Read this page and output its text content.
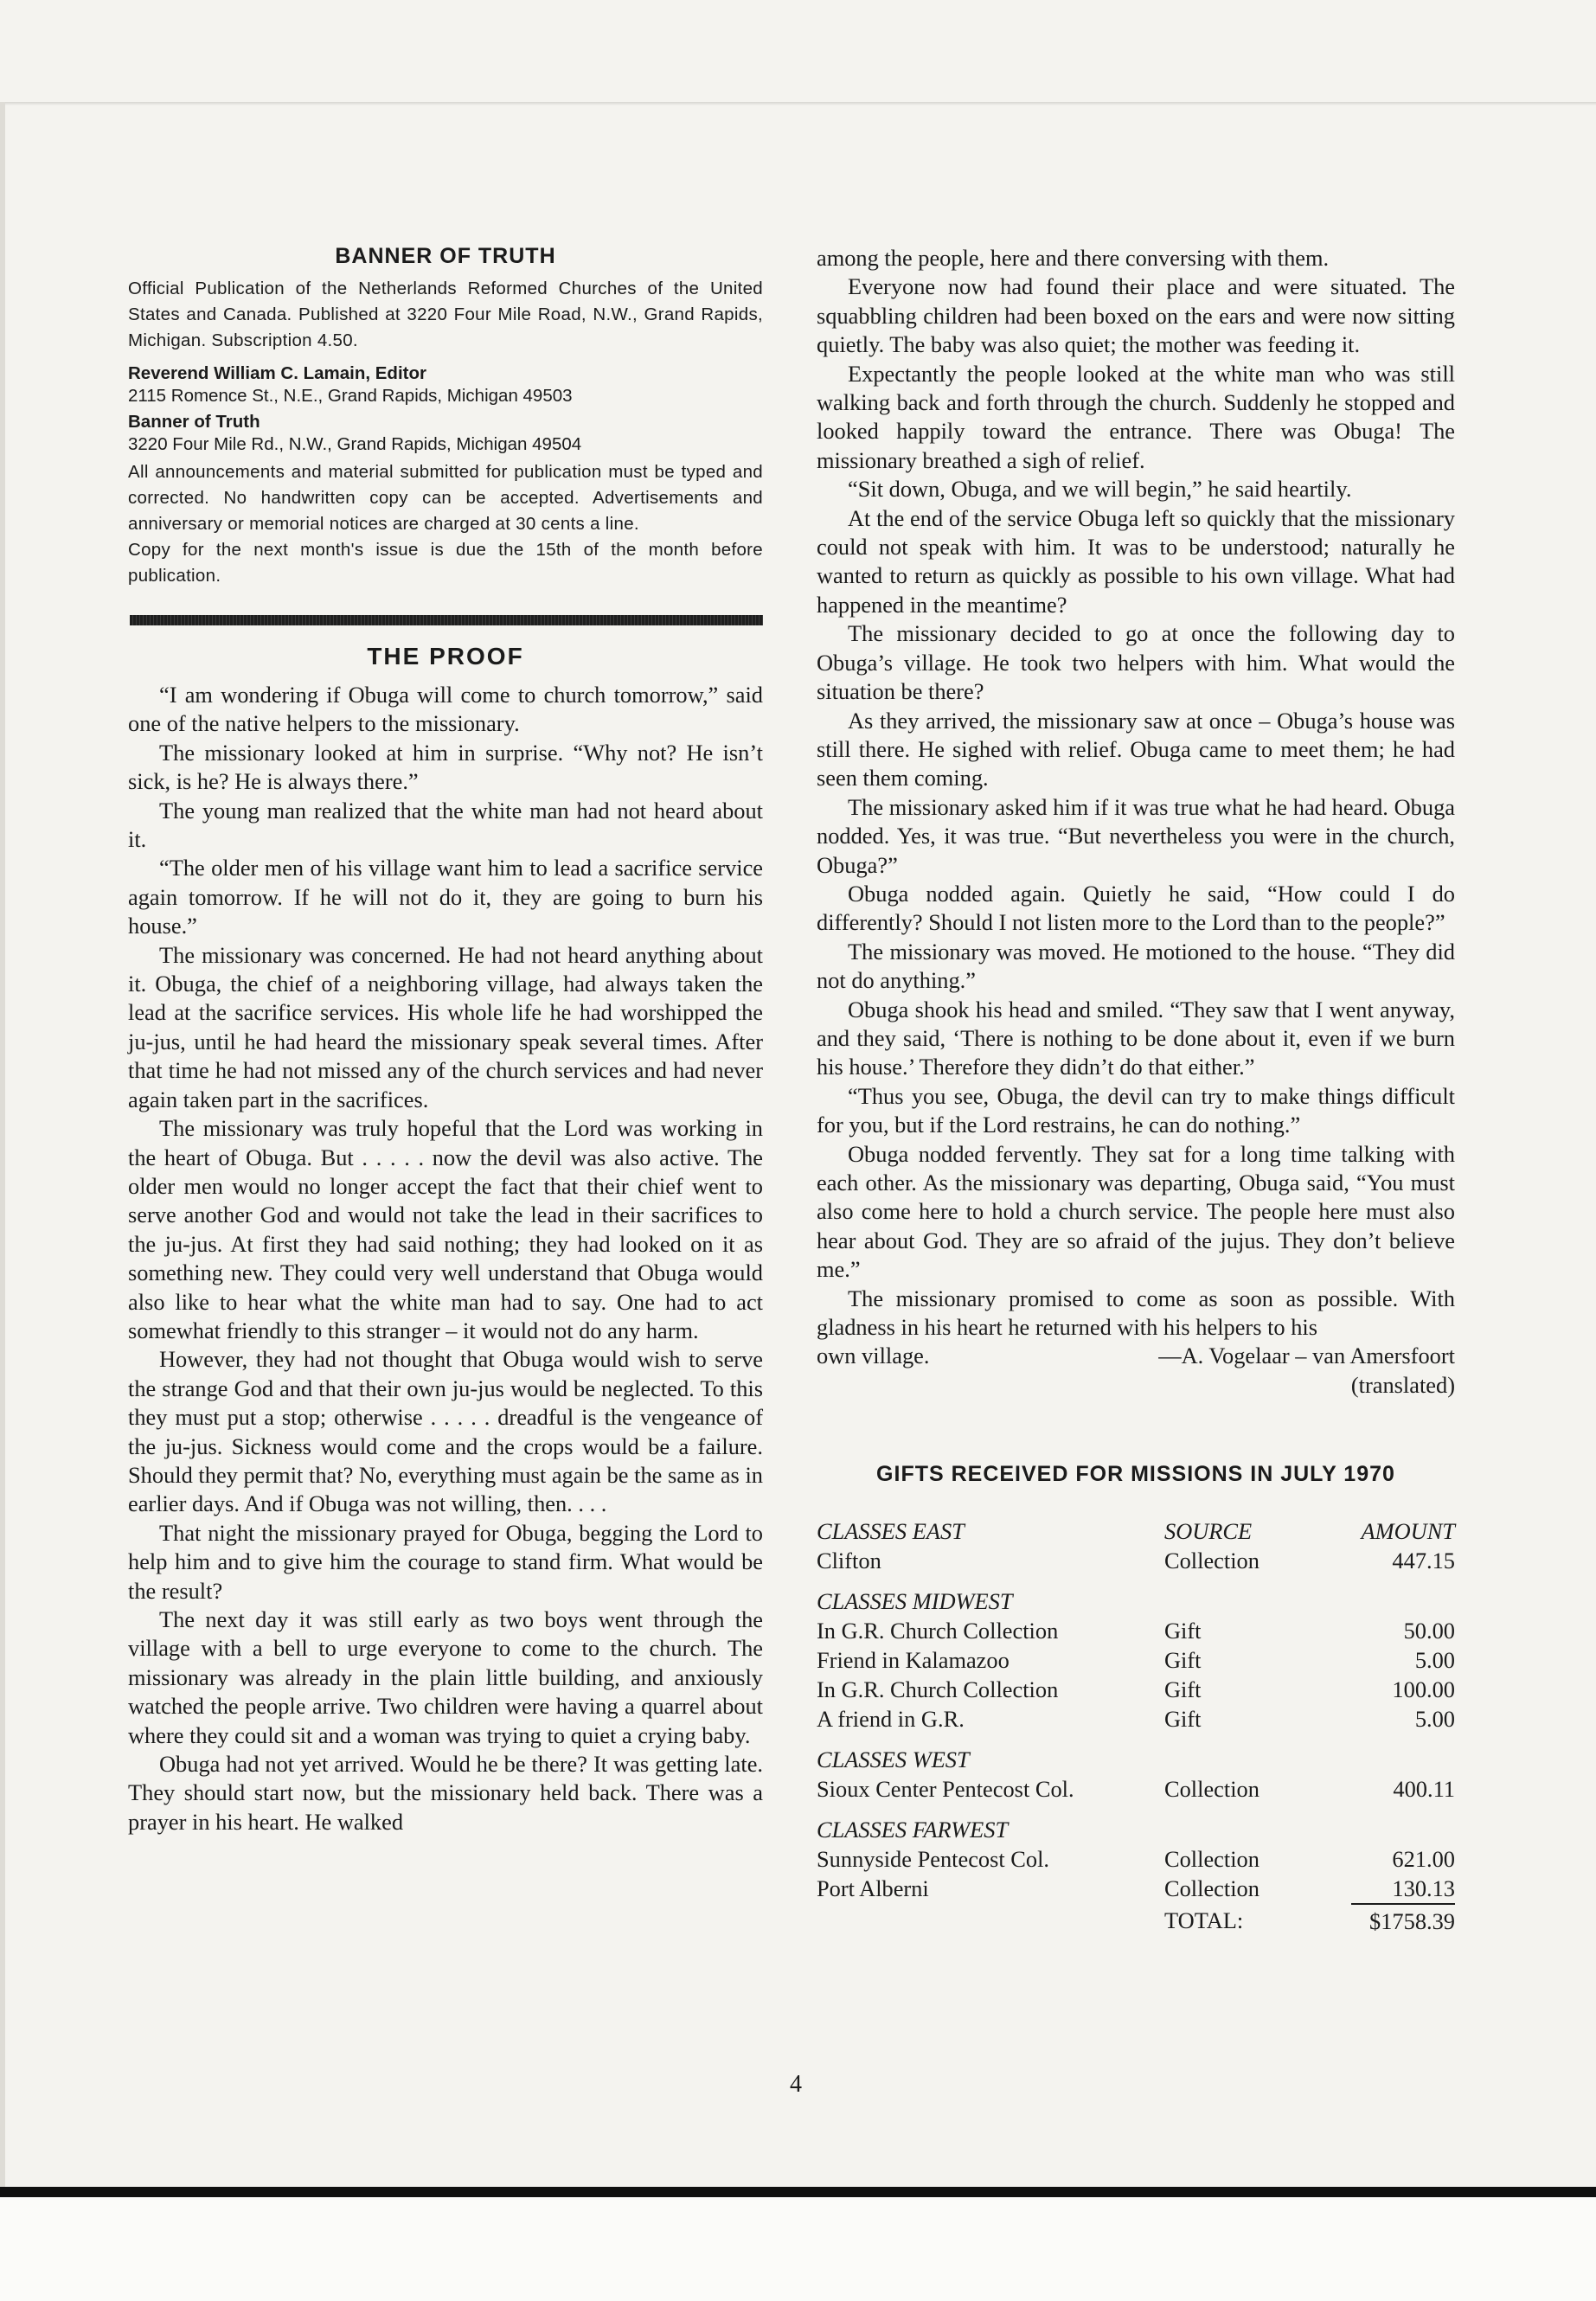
BANNER OF TRUTH

Official Publication of the Netherlands Reformed Churches of the United States and Canada. Published at 3220 Four Mile Road, N.W., Grand Rapids, Michigan. Subscription 4.50.

Reverend William C. Lamain, Editor

2115 Romence St., N.E., Grand Rapids, Michigan 49503

Banner of Truth

3220 Four Mile Rd., N.W., Grand Rapids, Michigan 49504

All announcements and material submitted for publication must be typed and corrected. No handwritten copy can be accepted. Advertisements and anniversary or memorial notices are charged at 30 cents a line.

Copy for the next month's issue is due the 15th of the month before publication.

THE PROOF

“I am wondering if Obuga will come to church tomorrow,” said one of the native helpers to the missionary.

The missionary looked at him in surprise. “Why not? He isn’t sick, is he? He is always there.”

The young man realized that the white man had not heard about it.

“The older men of his village want him to lead a sacrifice service again tomorrow. If he will not do it, they are going to burn his house.”

The missionary was concerned. He had not heard anything about it. Obuga, the chief of a neighboring village, had always taken the lead at the sacrifice services. His whole life he had worshipped the ju-jus, until he had heard the missionary speak several times. After that time he had not missed any of the church services and had never again taken part in the sacrifices.

The missionary was truly hopeful that the Lord was working in the heart of Obuga. But . . . . . now the devil was also active. The older men would no longer accept the fact that their chief went to serve another God and would not take the lead in their sacrifices to the ju-jus. At first they had said nothing; they had looked on it as something new. They could very well understand that Obuga would also like to hear what the white man had to say. One had to act somewhat friendly to this stranger – it would not do any harm.

However, they had not thought that Obuga would wish to serve the strange God and that their own ju-jus would be neglected. To this they must put a stop; otherwise . . . . . dreadful is the vengeance of the ju-jus. Sickness would come and the crops would be a failure. Should they permit that? No, everything must again be the same as in earlier days. And if Obuga was not willing, then. . . .

That night the missionary prayed for Obuga, begging the Lord to help him and to give him the courage to stand firm. What would be the result?

The next day it was still early as two boys went through the village with a bell to urge everyone to come to the church. The missionary was already in the plain little building, and anxiously watched the people arrive. Two children were having a quarrel about where they could sit and a woman was trying to quiet a crying baby.

Obuga had not yet arrived. Would he be there? It was getting late. They should start now, but the missionary held back. There was a prayer in his heart. He walked

among the people, here and there conversing with them.

Everyone now had found their place and were situated. The squabbling children had been boxed on the ears and were now sitting quietly. The baby was also quiet; the mother was feeding it.

Expectantly the people looked at the white man who was still walking back and forth through the church. Suddenly he stopped and looked happily toward the entrance. There was Obuga! The missionary breathed a sigh of relief.

“Sit down, Obuga, and we will begin,” he said heartily.

At the end of the service Obuga left so quickly that the missionary could not speak with him. It was to be understood; naturally he wanted to return as quickly as possible to his own village. What had happened in the meantime?

The missionary decided to go at once the following day to Obuga’s village. He took two helpers with him. What would the situation be there?

As they arrived, the missionary saw at once – Obuga’s house was still there. He sighed with relief. Obuga came to meet them; he had seen them coming.

The missionary asked him if it was true what he had heard. Obuga nodded. Yes, it was true. “But nevertheless you were in the church, Obuga?”

Obuga nodded again. Quietly he said, “How could I do differently? Should I not listen more to the Lord than to the people?”

The missionary was moved. He motioned to the house. “They did not do anything.”

Obuga shook his head and smiled. “They saw that I went anyway, and they said, ‘There is nothing to be done about it, even if we burn his house.’ Therefore they didn’t do that either.”

“Thus you see, Obuga, the devil can try to make things difficult for you, but if the Lord restrains, he can do nothing.”

Obuga nodded fervently. They sat for a long time talking with each other. As the missionary was departing, Obuga said, “You must also come here to hold a church service. The people here must also hear about God. They are so afraid of the jujus. They don’t believe me.”

The missionary promised to come as soon as possible. With gladness in his heart he returned with his helpers to his

own village.	—A. Vogelaar – van Amersfoort
(translated)
GIFTS RECEIVED FOR MISSIONS IN JULY 1970
CLASSES EAST	SOURCE	AMOUNT
Clifton	Collection	447.15
CLASSES MIDWEST		
In G.R. Church Collection	Gift	50.00
Friend in Kalamazoo	Gift	5.00
In G.R. Church Collection	Gift	100.00
A friend in G.R.	Gift	5.00
CLASSES WEST		
Sioux Center Pentecost Col.	Collection	400.11
CLASSES FARWEST		
Sunnyside Pentecost Col.	Collection	621.00
Port Alberni	Collection	130.13
	TOTAL:	$1758.39
4
